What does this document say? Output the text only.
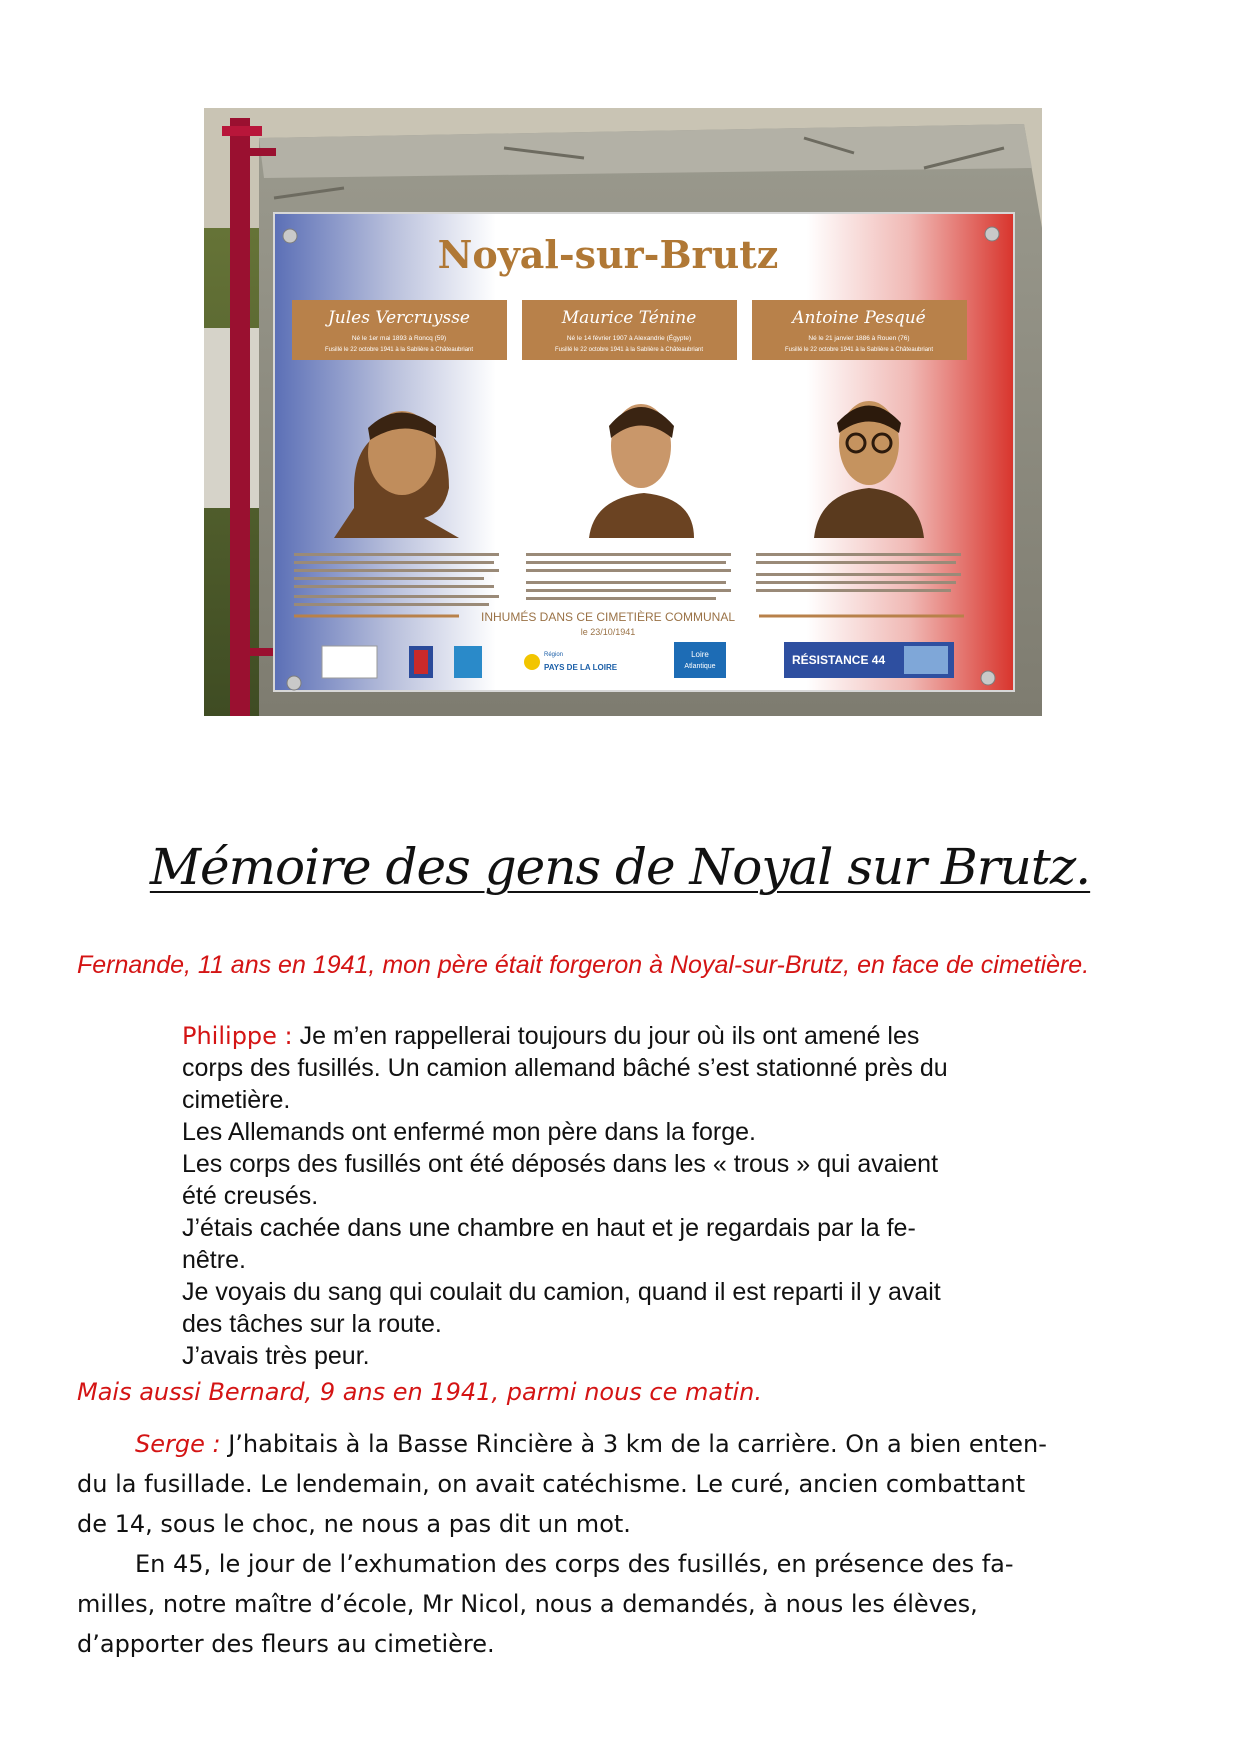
Noyal-sur-Brutz
Jules Vercruysse
Né le 1er mai 1893 à Roncq (59)
Fusillé le 22 octobre 1941 à la Sablière à Châteaubriant
Maurice Ténine
Né le 14 février 1907 à Alexandrie (Égypte)
Fusillé le 22 octobre 1941 à la Sablière à Châteaubriant
Antoine Pesqué
Né le 21 janvier 1886 à Rouen (76)
Fusillé le 22 octobre 1941 à la Sablière à Châteaubriant
INHUMÉS DANS CE CIMETIÈRE COMMUNAL
le 23/10/1941
Région
PAYS DE LA LOIRE
Loire
Atlantique	RÉSISTANCE 44
Mémoire des gens de Noyal sur Brutz.
Fernande, 11 ans en 1941, mon père était forgeron à Noyal-sur-Brutz, en face de cimetière.
Philippe : Je m’en rappellerai toujours du jour où ils ont amené les
corps des fusillés. Un camion allemand bâché s’est stationné près du
cimetière.
Les Allemands ont enfermé mon père dans la forge.
Les corps des fusillés ont été déposés dans les « trous » qui avaient
été creusés.
J’étais cachée dans une chambre en haut et je regardais par la fe-
nêtre.
Je voyais du sang qui coulait du camion, quand il est reparti il y avait
des tâches sur la route.
J’avais très peur.
Mais aussi Bernard, 9 ans en 1941, parmi nous ce matin.
Serge : J’habitais à la Basse Rincière à 3 km de la carrière. On a bien enten-
du la fusillade. Le lendemain, on avait catéchisme. Le curé, ancien combattant
de 14, sous le choc, ne nous a pas dit un mot.
En 45, le jour de l’exhumation des corps des fusillés, en présence des fa-
milles, notre maître d’école, Mr Nicol, nous a demandés, à nous les élèves,
d’apporter des fleurs au cimetière.
